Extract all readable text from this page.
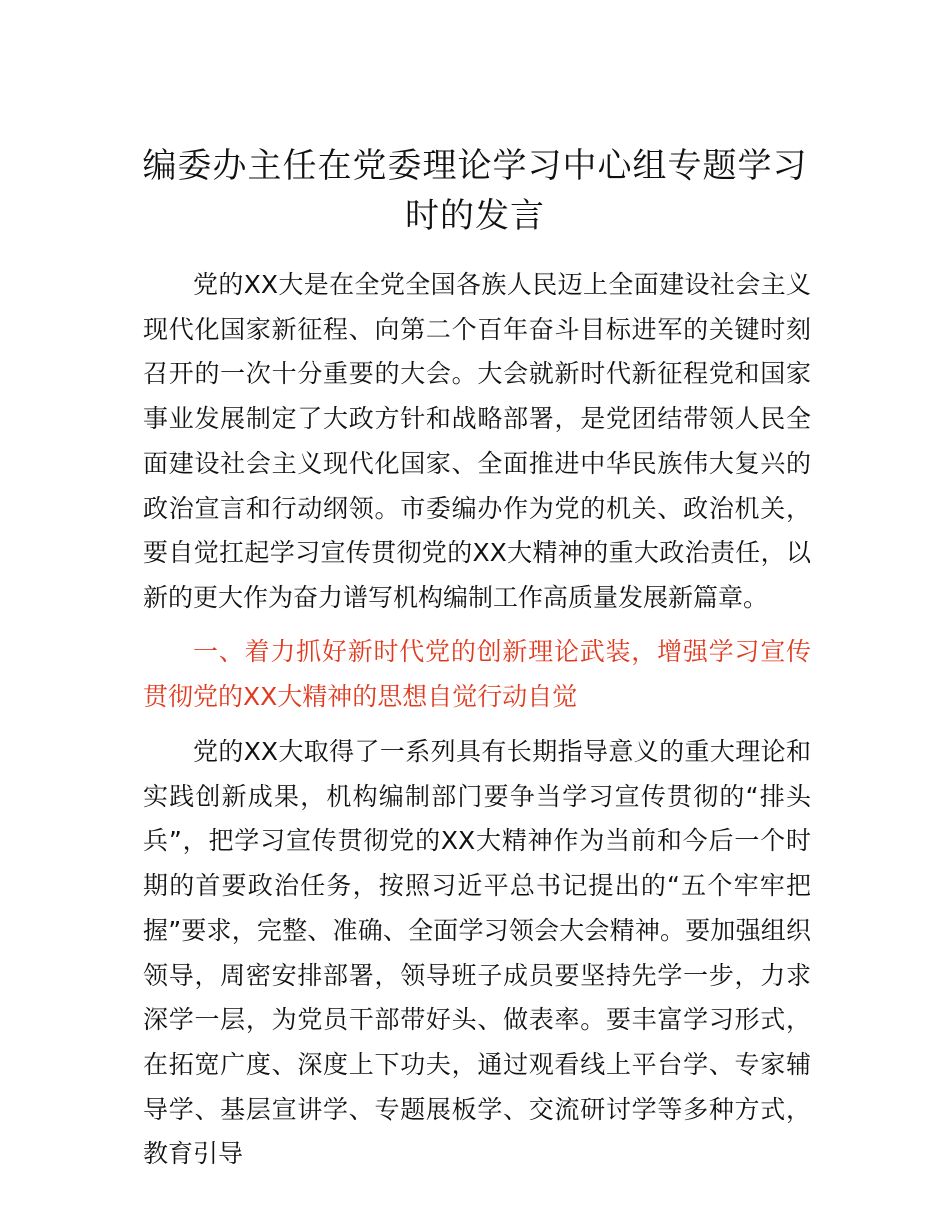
编委办主任在党委理论学习中心组专题学习时的发言

党的XX大是在全党全国各族人民迈上全面建设社会主义现代化国家新征程、向第二个百年奋斗目标进军的关键时刻召开的一次十分重要的大会。大会就新时代新征程党和国家事业发展制定了大政方针和战略部署，是党团结带领人民全面建设社会主义现代化国家、全面推进中华民族伟大复兴的政治宣言和行动纲领。市委编办作为党的机关、政治机关，要自觉扛起学习宣传贯彻党的XX大精神的重大政治责任，以新的更大作为奋力谱写机构编制工作高质量发展新篇章。

一、着力抓好新时代党的创新理论武装，增强学习宣传贯彻党的XX大精神的思想自觉行动自觉

党的XX大取得了一系列具有长期指导意义的重大理论和实践创新成果，机构编制部门要争当学习宣传贯彻的“排头兵”，把学习宣传贯彻党的XX大精神作为当前和今后一个时期的首要政治任务，按照习近平总书记提出的“五个牢牢把握”要求，完整、准确、全面学习领会大会精神。要加强组织领导，周密安排部署，领导班子成员要坚持先学一步，力求深学一层，为党员干部带好头、做表率。要丰富学习形式，在拓宽广度、深度上下功夫，通过观看线上平台学、专家辅导学、基层宣讲学、专题展板学、交流研讨学等多种方式，教育引导
